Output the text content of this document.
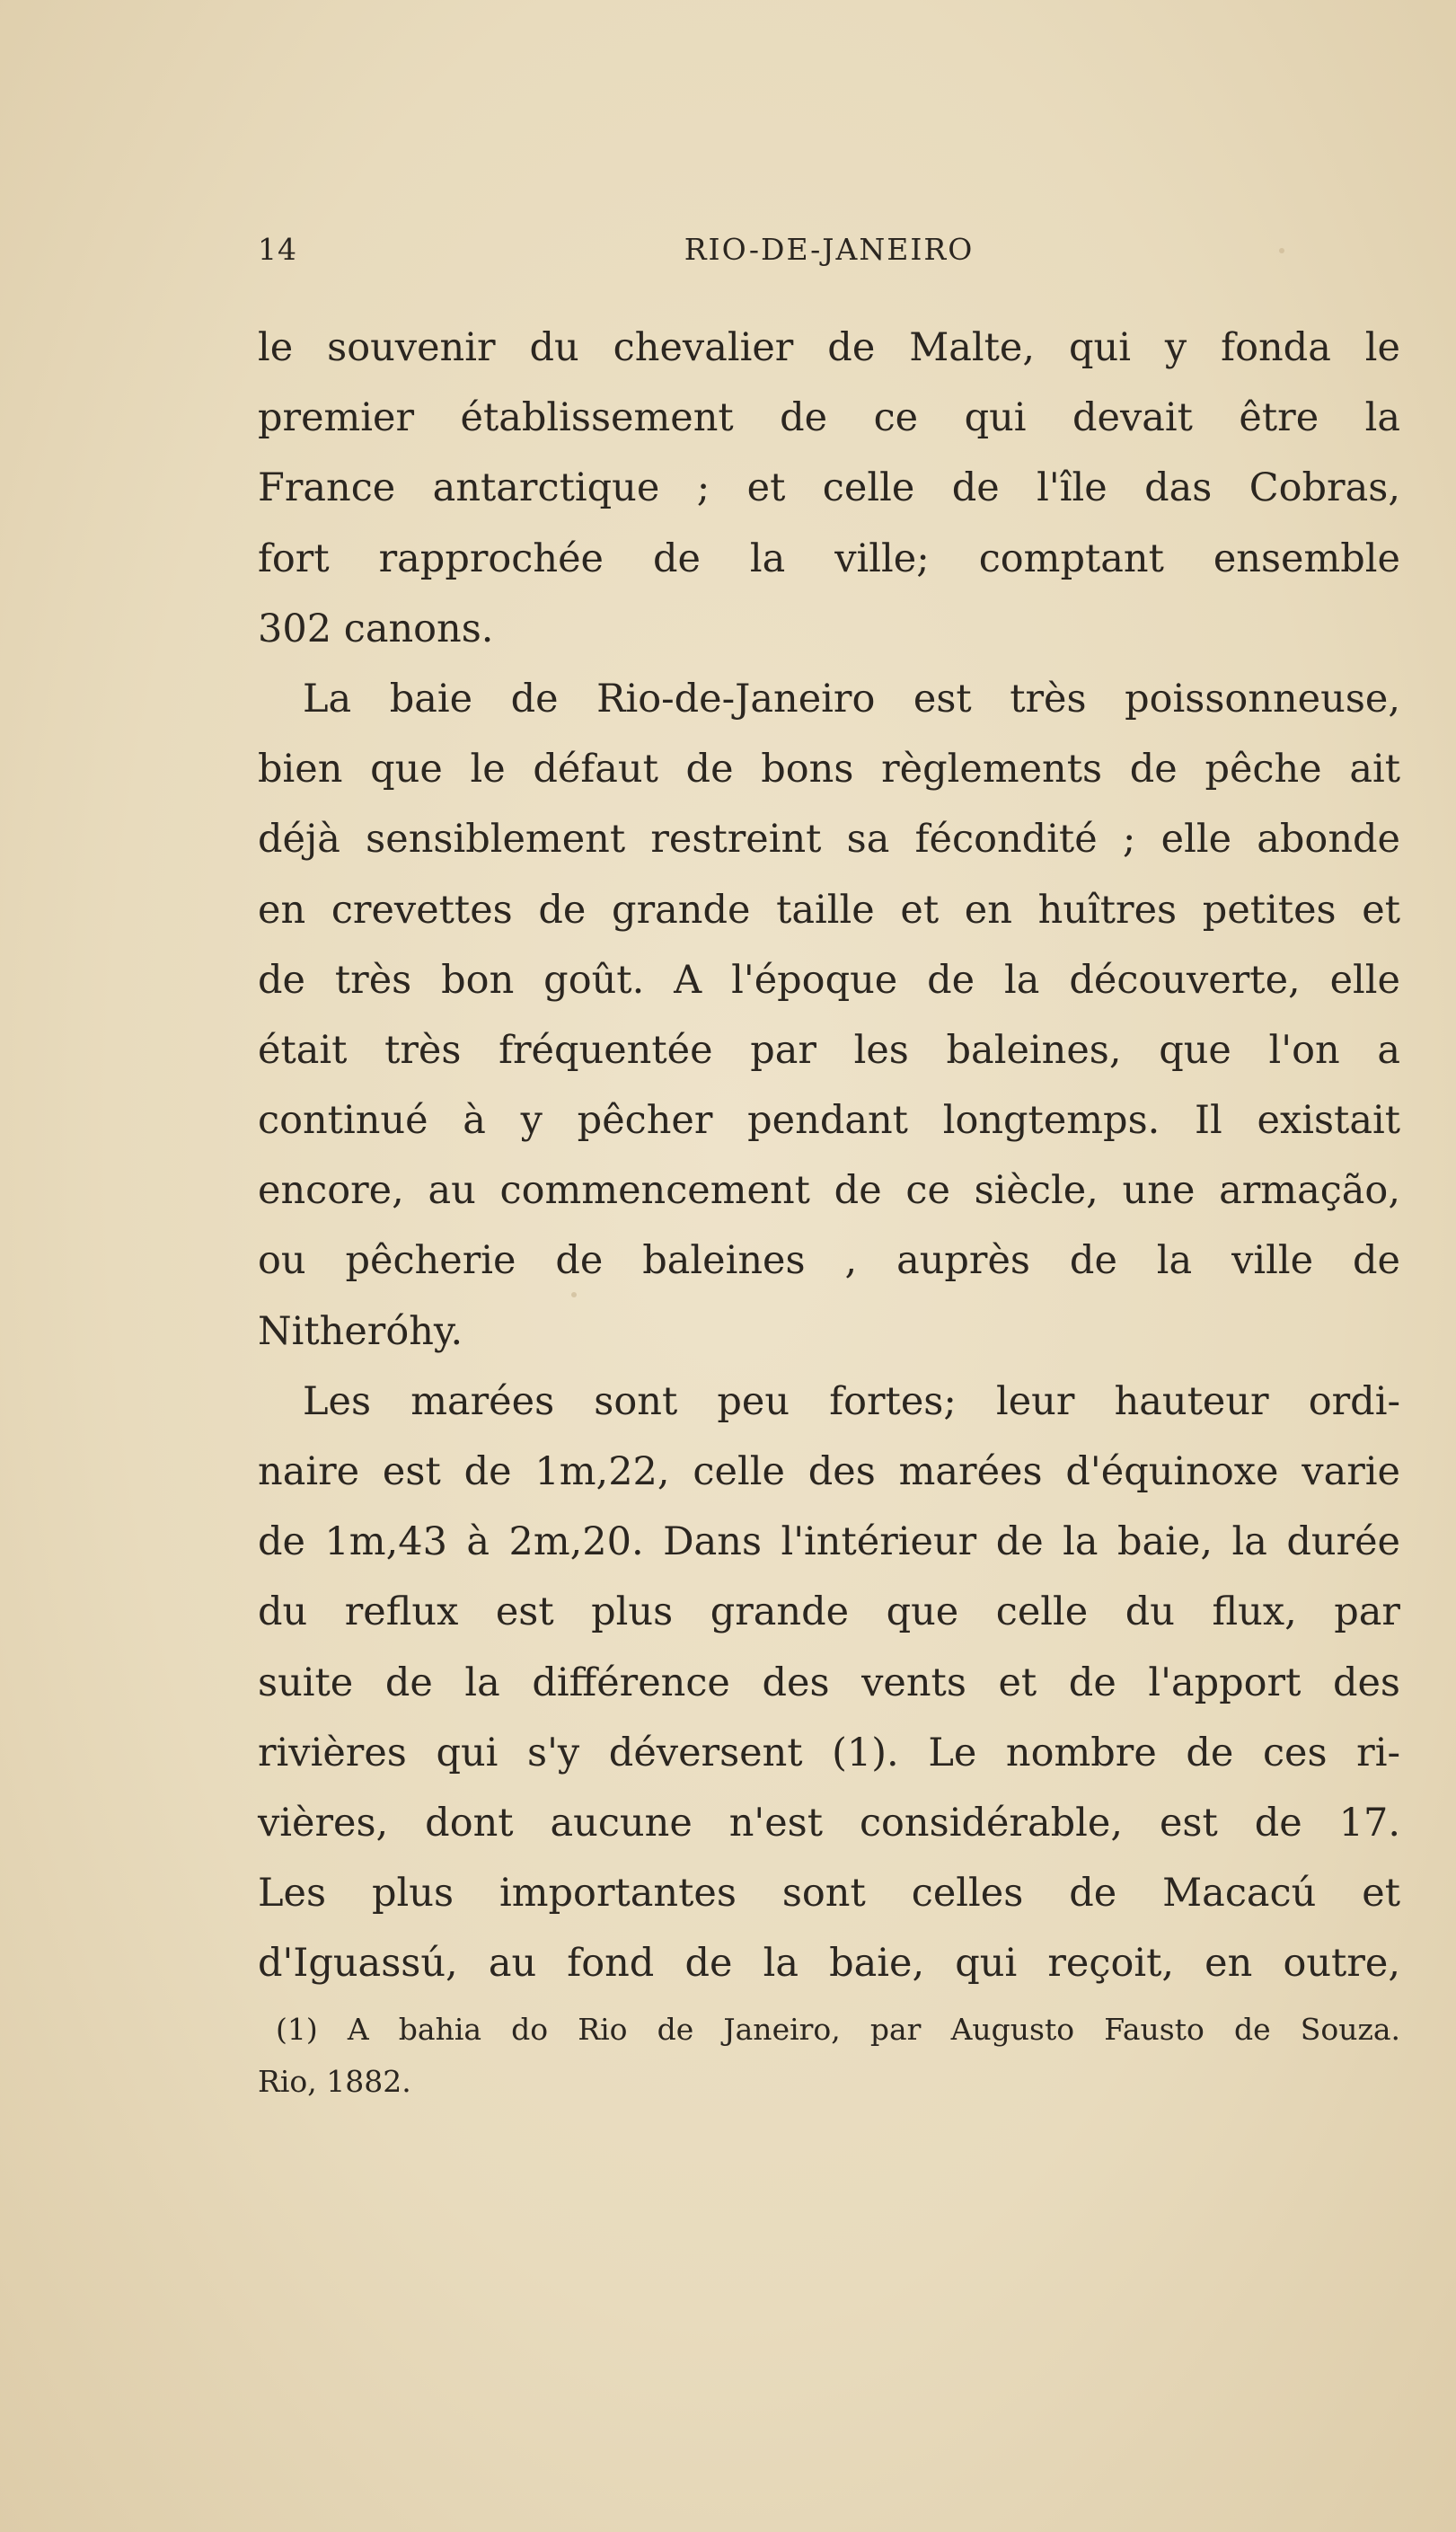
14	RIO-DE-JANEIRO
le souvenir du chevalier de Malte, qui y fonda le
premier établissement de ce qui devait être la
France antarctique ; et celle de l'île das Cobras,
fort rapprochée de la ville; comptant ensemble
302 canons.
La baie de Rio-de-Janeiro est très poissonneuse,
bien que le défaut de bons règlements de pêche ait
déjà sensiblement restreint sa fécondité ; elle abonde
en crevettes de grande taille et en huîtres petites et
de très bon goût. A l'époque de la découverte, elle
était très fréquentée par les baleines, que l'on a
continué à y pêcher pendant longtemps. Il existait
encore, au commencement de ce siècle, une armação,
ou pêcherie de baleines , auprès de la ville de
Nitheróhy.
Les marées sont peu fortes; leur hauteur ordi-
naire est de 1m,22, celle des marées d'équinoxe varie
de 1m,43 à 2m,20. Dans l'intérieur de la baie, la durée
du reflux est plus grande que celle du flux, par
suite de la différence des vents et de l'apport des
rivières qui s'y déversent (1). Le nombre de ces ri-
vières, dont aucune n'est considérable, est de 17.
Les plus importantes sont celles de Macacú et
d'Iguassú, au fond de la baie, qui reçoit, en outre,
(1) A bahia do Rio de Janeiro, par Augusto Fausto de Souza.
Rio, 1882.
